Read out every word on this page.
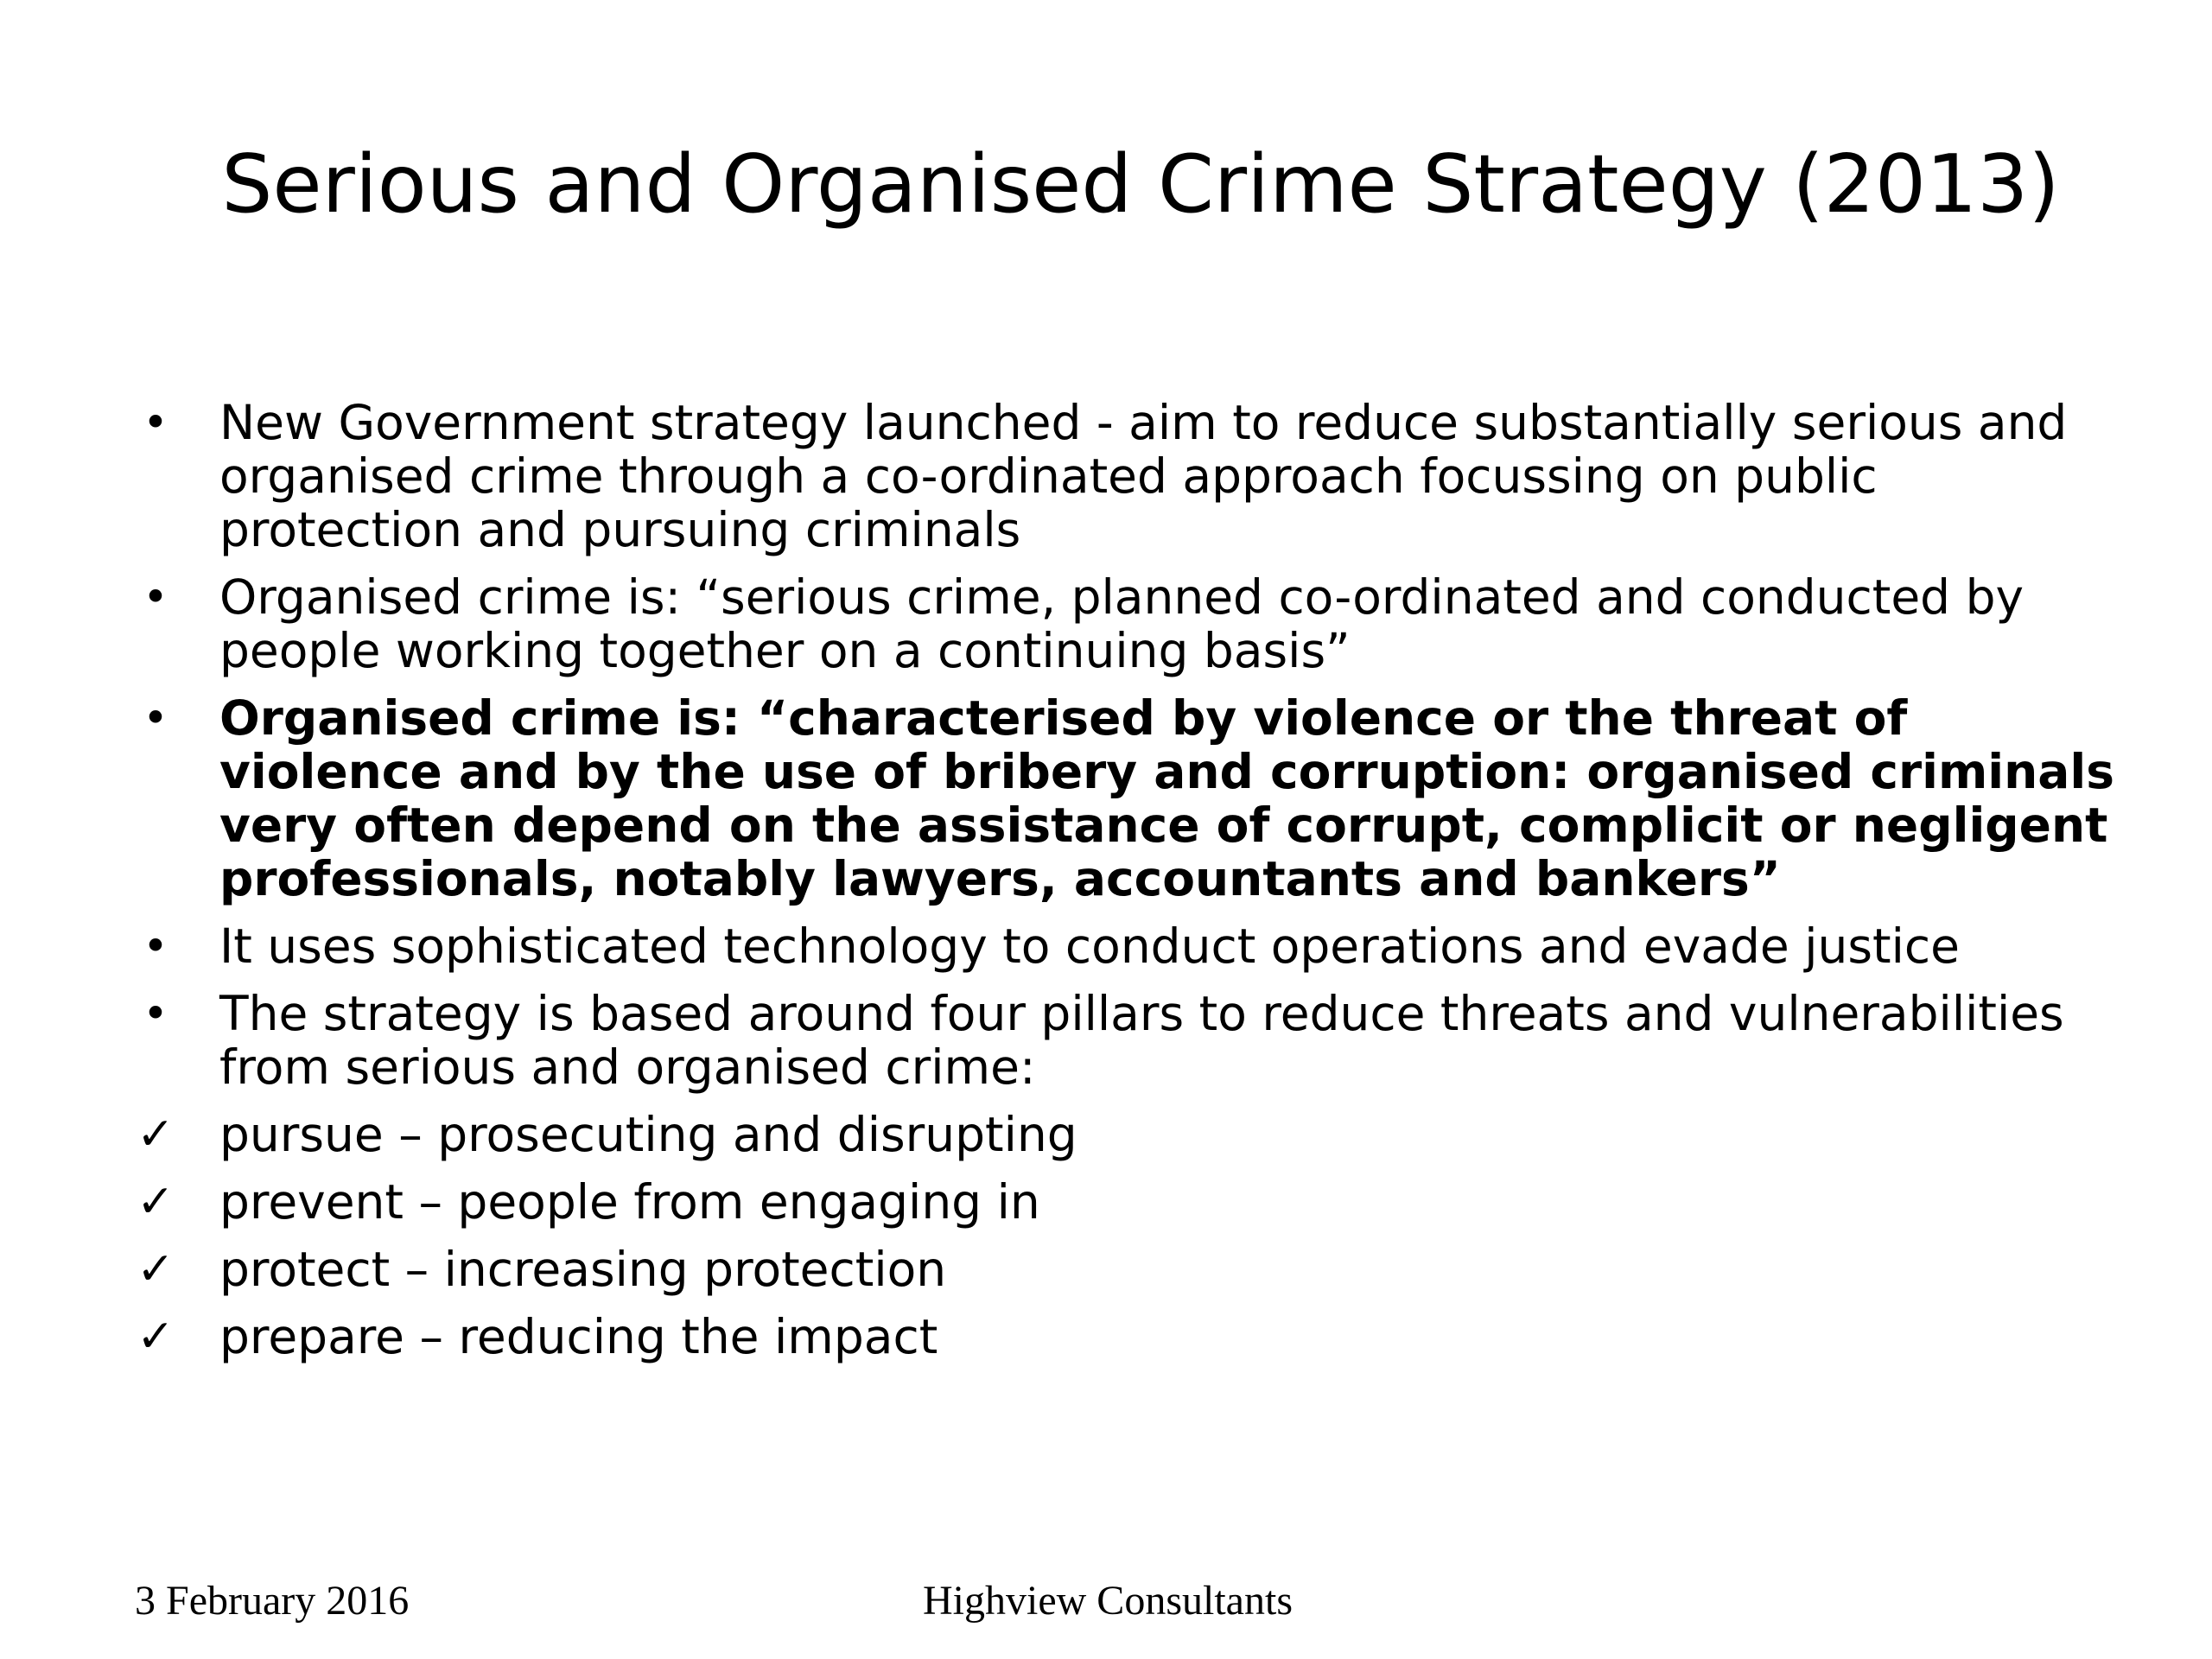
Serious and Organised Crime Strategy (2013)
• New Government strategy launched - aim to reduce substantially serious and organised crime through a co-ordinated approach focussing on public protection and pursuing criminals
• Organised crime is: “serious crime, planned co-ordinated and conducted by people working together on a continuing basis”
• Organised crime is: “characterised by violence or the threat of violence and by the use of bribery and corruption: organised criminals very often depend on the assistance of corrupt, complicit or negligent professionals, notably lawyers, accountants and bankers”
• It uses sophisticated technology to conduct operations and evade justice
• The strategy is based around four pillars to reduce threats and vulnerabilities from serious and organised crime:
✓ pursue – prosecuting and disrupting
✓ prevent – people from engaging in
✓ protect – increasing protection
✓ prepare – reducing the impact
3 February 2016	Highview Consultants
